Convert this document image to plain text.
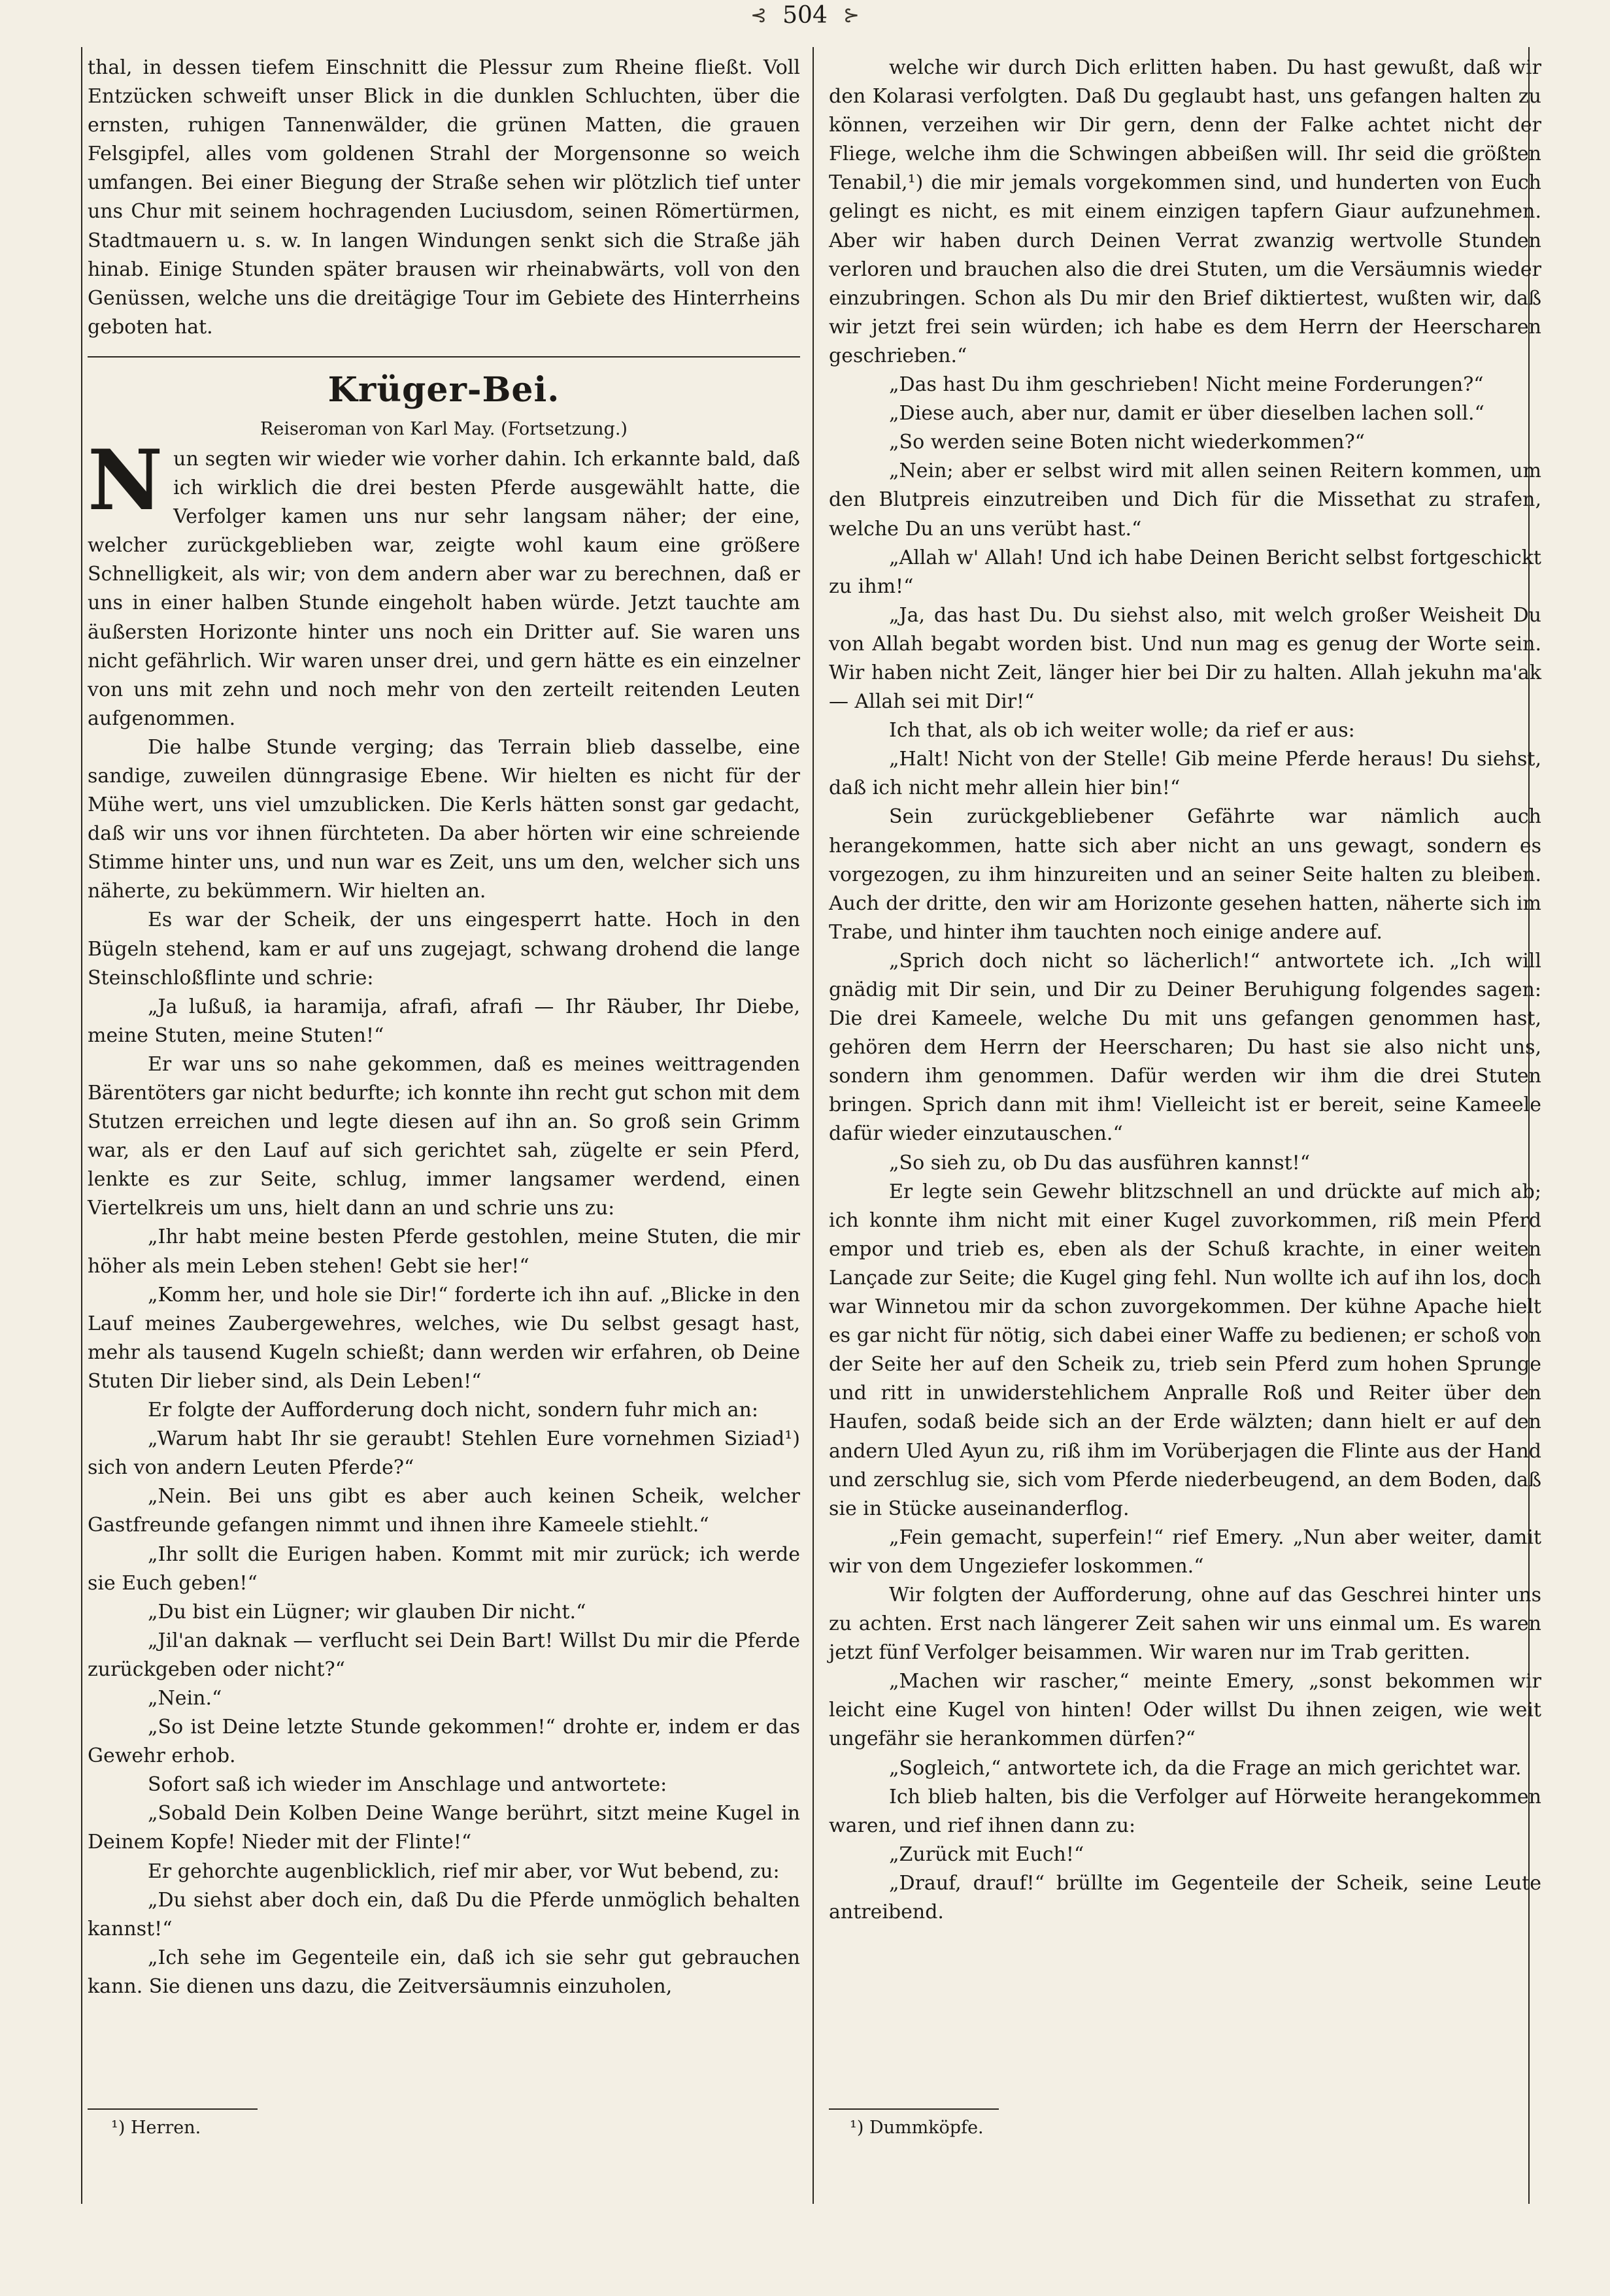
⊰ 504 ⊱

thal, in dessen tiefem Einschnitt die Plessur zum Rheine fließt. Voll Entzücken schweift unser Blick in die dunklen Schluchten, über die ernsten, ruhigen Tannenwälder, die grünen Matten, die grauen Felsgipfel, alles vom goldenen Strahl der Morgensonne so weich umfangen. Bei einer Biegung der Straße sehen wir plötzlich tief unter uns Chur mit seinem hochragenden Luciusdom, seinen Römertürmen, Stadtmauern u. s. w. In langen Windungen senkt sich die Straße jäh hinab. Einige Stunden später brausen wir rheinabwärts, voll von den Genüssen, welche uns die dreitägige Tour im Gebiete des Hinterrheins geboten hat.

Krüger-Bei.
Reiseroman von Karl May. (Fortsetzung.)

Nun segten wir wieder wie vorher dahin. Ich erkannte bald, daß ich wirklich die drei besten Pferde ausgewählt hatte, die Verfolger kamen uns nur sehr langsam näher; der eine, welcher zurückgeblieben war, zeigte wohl kaum eine größere Schnelligkeit, als wir; von dem andern aber war zu berechnen, daß er uns in einer halben Stunde eingeholt haben würde. Jetzt tauchte am äußersten Horizonte hinter uns noch ein Dritter auf. Sie waren uns nicht gefährlich. Wir waren unser drei, und gern hätte es ein einzelner von uns mit zehn und noch mehr von den zerteilt reitenden Leuten aufgenommen.

Die halbe Stunde verging; das Terrain blieb dasselbe, eine sandige, zuweilen dünngrasige Ebene. Wir hielten es nicht für der Mühe wert, uns viel umzublicken. Die Kerls hätten sonst gar gedacht, daß wir uns vor ihnen fürchteten. Da aber hörten wir eine schreiende Stimme hinter uns, und nun war es Zeit, uns um den, welcher sich uns näherte, zu bekümmern. Wir hielten an.

Es war der Scheik, der uns eingesperrt hatte. Hoch in den Bügeln stehend, kam er auf uns zugejagt, schwang drohend die lange Steinschloßflinte und schrie:

„Ja lußuß, ia haramija, afrafi, afrafi — Ihr Räuber, Ihr Diebe, meine Stuten, meine Stuten!“

Er war uns so nahe gekommen, daß es meines weittragenden Bärentöters gar nicht bedurfte; ich konnte ihn recht gut schon mit dem Stutzen erreichen und legte diesen auf ihn an. So groß sein Grimm war, als er den Lauf auf sich gerichtet sah, zügelte er sein Pferd, lenkte es zur Seite, schlug, immer langsamer werdend, einen Viertelkreis um uns, hielt dann an und schrie uns zu:

„Ihr habt meine besten Pferde gestohlen, meine Stuten, die mir höher als mein Leben stehen! Gebt sie her!“

„Komm her, und hole sie Dir!“ forderte ich ihn auf. „Blicke in den Lauf meines Zaubergewehres, welches, wie Du selbst gesagt hast, mehr als tausend Kugeln schießt; dann werden wir erfahren, ob Deine Stuten Dir lieber sind, als Dein Leben!“

Er folgte der Aufforderung doch nicht, sondern fuhr mich an:

„Warum habt Ihr sie geraubt! Stehlen Eure vornehmen Siziad¹) sich von andern Leuten Pferde?“

„Nein. Bei uns gibt es aber auch keinen Scheik, welcher Gastfreunde gefangen nimmt und ihnen ihre Kameele stiehlt.“

„Ihr sollt die Eurigen haben. Kommt mit mir zurück; ich werde sie Euch geben!“

„Du bist ein Lügner; wir glauben Dir nicht.“

„Jil'an daknak — verflucht sei Dein Bart! Willst Du mir die Pferde zurückgeben oder nicht?“

„Nein.“

„So ist Deine letzte Stunde gekommen!“ drohte er, indem er das Gewehr erhob.

Sofort saß ich wieder im Anschlage und antwortete:

„Sobald Dein Kolben Deine Wange berührt, sitzt meine Kugel in Deinem Kopfe! Nieder mit der Flinte!“

Er gehorchte augenblicklich, rief mir aber, vor Wut bebend, zu:

„Du siehst aber doch ein, daß Du die Pferde unmöglich behalten kannst!“

„Ich sehe im Gegenteile ein, daß ich sie sehr gut gebrauchen kann. Sie dienen uns dazu, die Zeitversäumnis einzuholen,

welche wir durch Dich erlitten haben. Du hast gewußt, daß wir den Kolarasi verfolgten. Daß Du geglaubt hast, uns gefangen halten zu können, verzeihen wir Dir gern, denn der Falke achtet nicht der Fliege, welche ihm die Schwingen abbeißen will. Ihr seid die größten Tenabil,¹) die mir jemals vorgekommen sind, und hunderten von Euch gelingt es nicht, es mit einem einzigen tapfern Giaur aufzunehmen. Aber wir haben durch Deinen Verrat zwanzig wertvolle Stunden verloren und brauchen also die drei Stuten, um die Versäumnis wieder einzubringen. Schon als Du mir den Brief diktiertest, wußten wir, daß wir jetzt frei sein würden; ich habe es dem Herrn der Heerscharen geschrieben.“

„Das hast Du ihm geschrieben! Nicht meine Forderungen?“

„Diese auch, aber nur, damit er über dieselben lachen soll.“

„So werden seine Boten nicht wiederkommen?“

„Nein; aber er selbst wird mit allen seinen Reitern kommen, um den Blutpreis einzutreiben und Dich für die Missethat zu strafen, welche Du an uns verübt hast.“

„Allah w' Allah! Und ich habe Deinen Bericht selbst fortgeschickt zu ihm!“

„Ja, das hast Du. Du siehst also, mit welch großer Weisheit Du von Allah begabt worden bist. Und nun mag es genug der Worte sein. Wir haben nicht Zeit, länger hier bei Dir zu halten. Allah jekuhn ma'ak — Allah sei mit Dir!“

Ich that, als ob ich weiter wolle; da rief er aus:

„Halt! Nicht von der Stelle! Gib meine Pferde heraus! Du siehst, daß ich nicht mehr allein hier bin!“

Sein zurückgebliebener Gefährte war nämlich auch herangekommen, hatte sich aber nicht an uns gewagt, sondern es vorgezogen, zu ihm hinzureiten und an seiner Seite halten zu bleiben. Auch der dritte, den wir am Horizonte gesehen hatten, näherte sich im Trabe, und hinter ihm tauchten noch einige andere auf.

„Sprich doch nicht so lächerlich!“ antwortete ich. „Ich will gnädig mit Dir sein, und Dir zu Deiner Beruhigung folgendes sagen: Die drei Kameele, welche Du mit uns gefangen genommen hast, gehören dem Herrn der Heerscharen; Du hast sie also nicht uns, sondern ihm genommen. Dafür werden wir ihm die drei Stuten bringen. Sprich dann mit ihm! Vielleicht ist er bereit, seine Kameele dafür wieder einzutauschen.“

„So sieh zu, ob Du das ausführen kannst!“

Er legte sein Gewehr blitzschnell an und drückte auf mich ab; ich konnte ihm nicht mit einer Kugel zuvorkommen, riß mein Pferd empor und trieb es, eben als der Schuß krachte, in einer weiten Lançade zur Seite; die Kugel ging fehl. Nun wollte ich auf ihn los, doch war Winnetou mir da schon zuvorgekommen. Der kühne Apache hielt es gar nicht für nötig, sich dabei einer Waffe zu bedienen; er schoß von der Seite her auf den Scheik zu, trieb sein Pferd zum hohen Sprunge und ritt in unwiderstehlichem Anpralle Roß und Reiter über den Haufen, sodaß beide sich an der Erde wälzten; dann hielt er auf den andern Uled Ayun zu, riß ihm im Vorüberjagen die Flinte aus der Hand und zerschlug sie, sich vom Pferde niederbeugend, an dem Boden, daß sie in Stücke auseinanderflog.

„Fein gemacht, superfein!“ rief Emery. „Nun aber weiter, damit wir von dem Ungeziefer loskommen.“

Wir folgten der Aufforderung, ohne auf das Geschrei hinter uns zu achten. Erst nach längerer Zeit sahen wir uns einmal um. Es waren jetzt fünf Verfolger beisammen. Wir waren nur im Trab geritten.

„Machen wir rascher,“ meinte Emery, „sonst bekommen wir leicht eine Kugel von hinten! Oder willst Du ihnen zeigen, wie weit ungefähr sie herankommen dürfen?“

„Sogleich,“ antwortete ich, da die Frage an mich gerichtet war.

Ich blieb halten, bis die Verfolger auf Hörweite herangekommen waren, und rief ihnen dann zu:

„Zurück mit Euch!“

„Drauf, drauf!“ brüllte im Gegenteile der Scheik, seine Leute antreibend.

¹) Herren.	¹) Dummköpfe.
